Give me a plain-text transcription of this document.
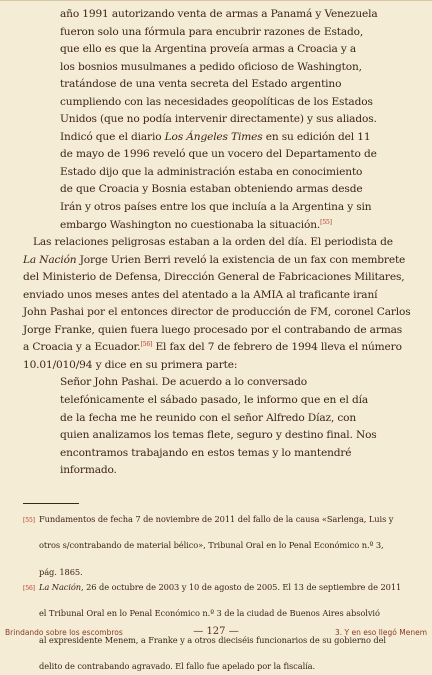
año 1991 autorizando venta de armas a Panamá y Venezuela
fueron solo una fórmula para encubrir razones de Estado,
que ello es que la Argentina proveía armas a Croacia y a
los bosnios musulmanes a pedido oficioso de Washington,
tratándose de una venta secreta del Estado argentino
cumpliendo con las necesidades geopolíticas de los Estados
Unidos (que no podía intervenir directamente) y sus aliados.
Indicó que el diario Los Ángeles Times en su edición del 11
de mayo de 1996 reveló que un vocero del Departamento de
Estado dijo que la administración estaba en conocimiento
de que Croacia y Bosnia estaban obteniendo armas desde
Irán y otros países entre los que incluía a la Argentina y sin
embargo Washington no cuestionaba la situación.[55]
Las relaciones peligrosas estaban a la orden del día. El periodista de
La Nación Jorge Urien Berri reveló la existencia de un fax con membrete
del Ministerio de Defensa, Dirección General de Fabricaciones Militares,
enviado unos meses antes del atentado a la AMIA al traficante iraní
John Pashai por el entonces director de producción de FM, coronel Carlos
Jorge Franke, quien fuera luego procesado por el contrabando de armas
a Croacia y a Ecuador.[56] El fax del 7 de febrero de 1994 lleva el número
10.01/010/94 y dice en su primera parte:
Señor John Pashai. De acuerdo a lo conversado
telefónicamente el sábado pasado, le informo que en el día
de la fecha me he reunido con el señor Alfredo Díaz, con
quien analizamos los temas flete, seguro y destino final. Nos
encontramos trabajando en estos temas y lo mantendré
informado.
[55] Fundamentos de fecha 7 de noviembre de 2011 del fallo de la causa «Sarlenga, Luis y

otros s/contrabando de material bélico», Tribunal Oral en lo Penal Económico n.º 3,

pág. 1865.
[56] La Nación, 26 de octubre de 2003 y 10 de agosto de 2005. El 13 de septiembre de 2011

el Tribunal Oral en lo Penal Económico n.º 3 de la ciudad de Buenos Aires absolvió

al expresidente Menem, a Franke y a otros dieciséis funcionarios de su gobierno del

delito de contrabando agravado. El fallo fue apelado por la fiscalía.
Brindando sobre los escombros	— 127 —	3. Y en eso llegó Menem
